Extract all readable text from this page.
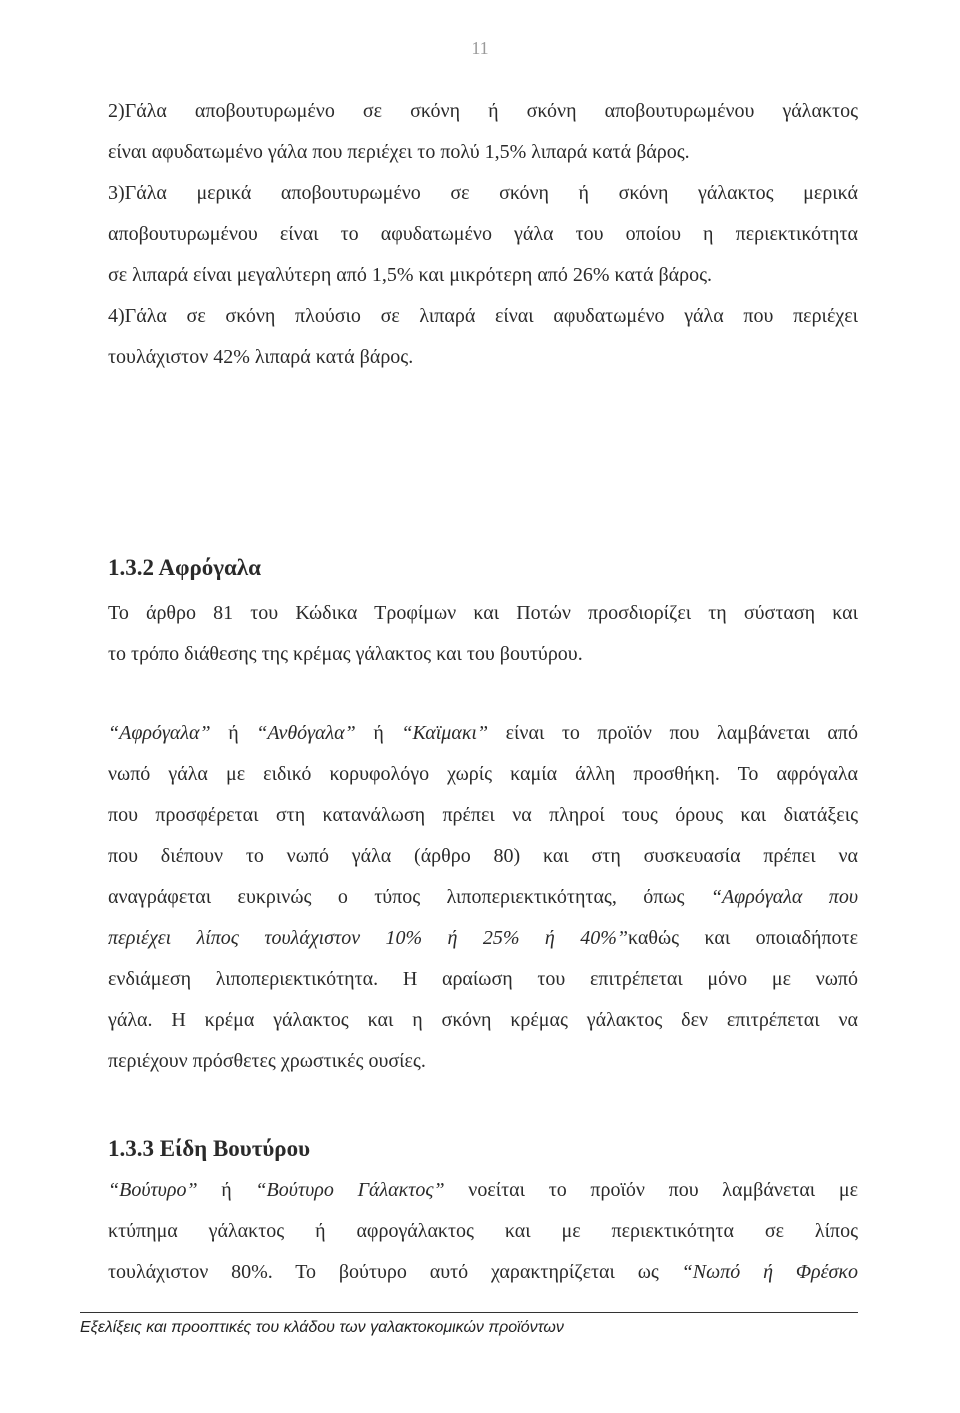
11

2)Γάλα αποβουτυρωμένο σε σκόνη ή σκόνη αποβουτυρωμένου γάλακτος
είναι αφυδατωμένο γάλα που περιέχει το πολύ 1,5% λιπαρά κατά βάρος.

3)Γάλα μερικά αποβουτυρωμένο σε σκόνη ή σκόνη γάλακτος μερικά
αποβουτυρωμένου είναι το αφυδατωμένο γάλα του οποίου η περιεκτικότητα
σε λιπαρά είναι μεγαλύτερη από 1,5% και μικρότερη από 26% κατά βάρος.

4)Γάλα σε σκόνη πλούσιο σε λιπαρά είναι αφυδατωμένο γάλα που περιέχει
τουλάχιστον 42% λιπαρά κατά βάρος.

1.3.2 Αφρόγαλα

Το άρθρο 81 του Κώδικα Τροφίμων και Ποτών προσδιορίζει τη σύσταση και
το τρόπο διάθεσης της κρέμας γάλακτος και του βουτύρου.

“Αφρόγαλα” ή “Ανθόγαλα” ή “Καϊμακι” είναι το προϊόν που λαμβάνεται από
νωπό γάλα με ειδικό κορυφολόγο χωρίς καμία άλλη προσθήκη. Το αφρόγαλα
που προσφέρεται στη κατανάλωση πρέπει να πληροί τους όρους και διατάξεις
που διέπουν το νωπό γάλα (άρθρο 80) και στη συσκευασία πρέπει να
αναγράφεται ευκρινώς ο τύπος λιποπεριεκτικότητας, όπως “Αφρόγαλα που
περιέχει λίπος τουλάχιστον 10% ή 25% ή 40%”καθώς και οποιαδήποτε
ενδιάμεση λιποπεριεκτικότητα. Η αραίωση του επιτρέπεται μόνο με νωπό
γάλα. Η κρέμα γάλακτος και η σκόνη κρέμας γάλακτος δεν επιτρέπεται να
περιέχουν πρόσθετες χρωστικές ουσίες.

1.3.3 Είδη Βουτύρου

“Βούτυρο” ή “Βούτυρο Γάλακτος” νοείται το προϊόν που λαμβάνεται με
κτύπημα γάλακτος ή αφρογάλακτος και με περιεκτικότητα σε λίπος
τουλάχιστον 80%. Το βούτυρο αυτό χαρακτηρίζεται ως “Νωπό ή Φρέσκο

Εξελίξεις και προοπτικές του κλάδου των γαλακτοκομικών προϊόντων
